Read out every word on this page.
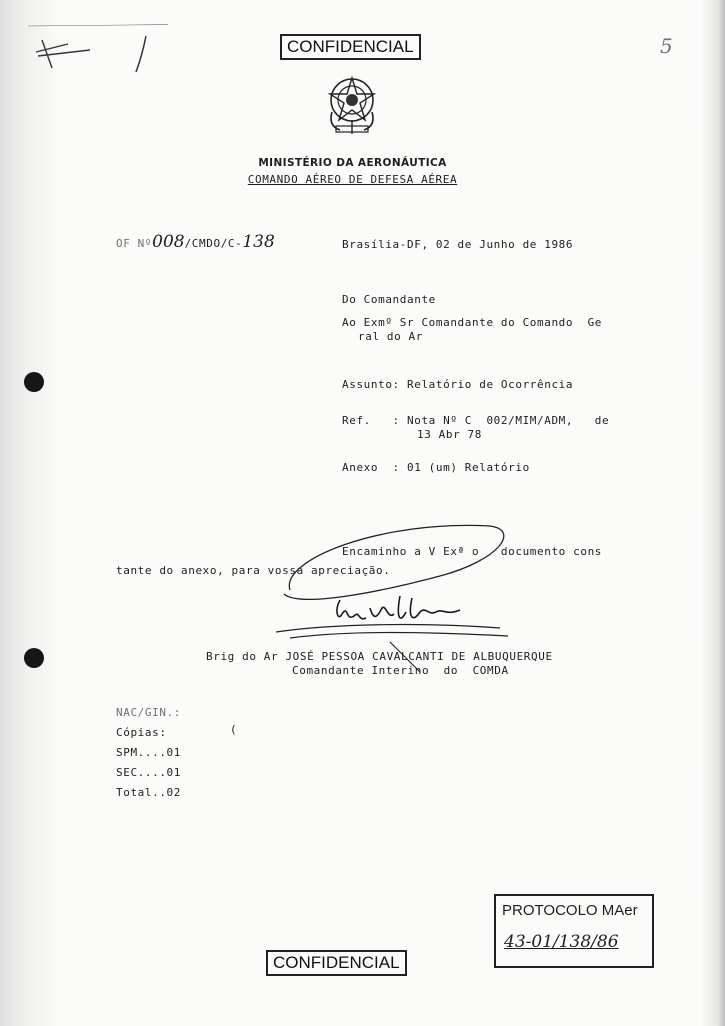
CONFIDENCIAL	5
MINISTÉRIO DA AERONÁUTICA
COMANDO AÉREO DE DEFESA AÉREA
OF Nº008/CMDO/C-138	Brasília-DF, 02 de Junho de 1986
Do Comandante
Ao Exmº Sr Comandante do Comando  Ge
ral do Ar
Assunto: Relatório de Ocorrência
Ref.   : Nota Nº C  002/MIM/ADM,   de
13 Abr 78
Anexo  : 01 (um) Relatório
Encaminho a V Exª o   documento cons
tante do anexo, para vossa apreciação.
Brig do Ar JOSÉ PESSOA CAVALCANTI DE ALBUQUERQUE
Comandante Interino  do  COMDA
NAC/GIN.:
Cópias:
SPM....01
SEC....01
Total..02
(
PROTOCOLO MAer
43-01/138/86
CONFIDENCIAL
